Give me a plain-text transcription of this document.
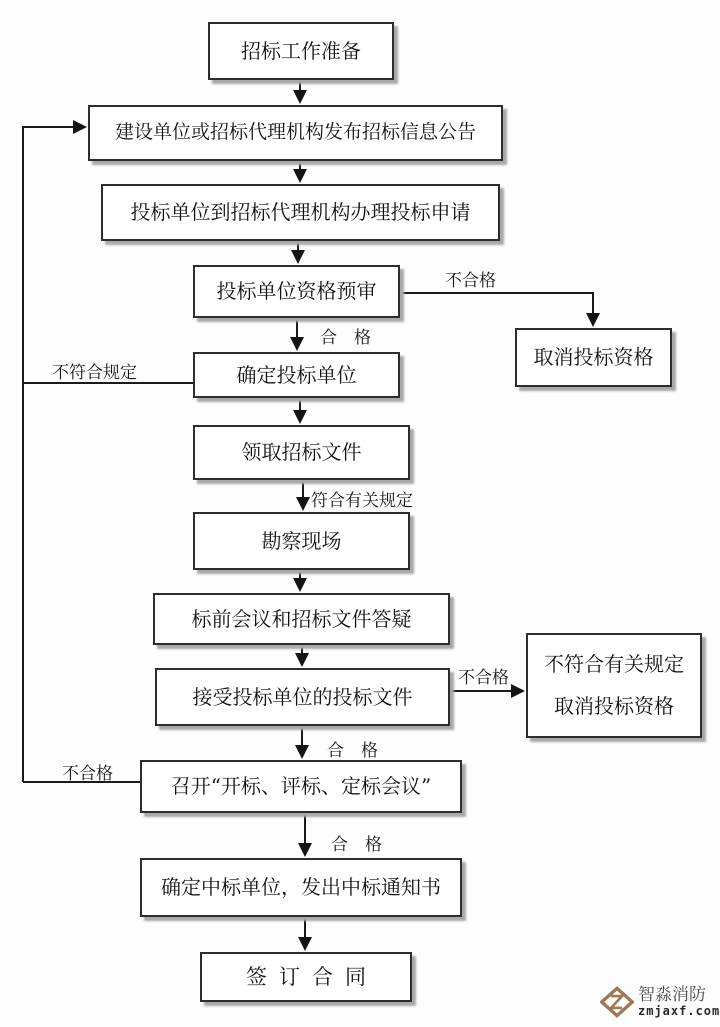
招标工作准备
建设单位或招标代理机构发布招标信息公告
投标单位到招标代理机构办理投标申请
投标单位资格预审
取消投标资格
确定投标单位
领取招标文件
勘察现场
标前会议和招标文件答疑
接受投标单位的投标文件
不符合有关规定
取消投标资格
召开“开标、评标、定标会议”
确定中标单位，发出中标通知书
签订合同
不合格
合　格
不符合规定
符合有关规定
不合格
合　格
不合格
合　格
智淼消防
zmjaxf.com
